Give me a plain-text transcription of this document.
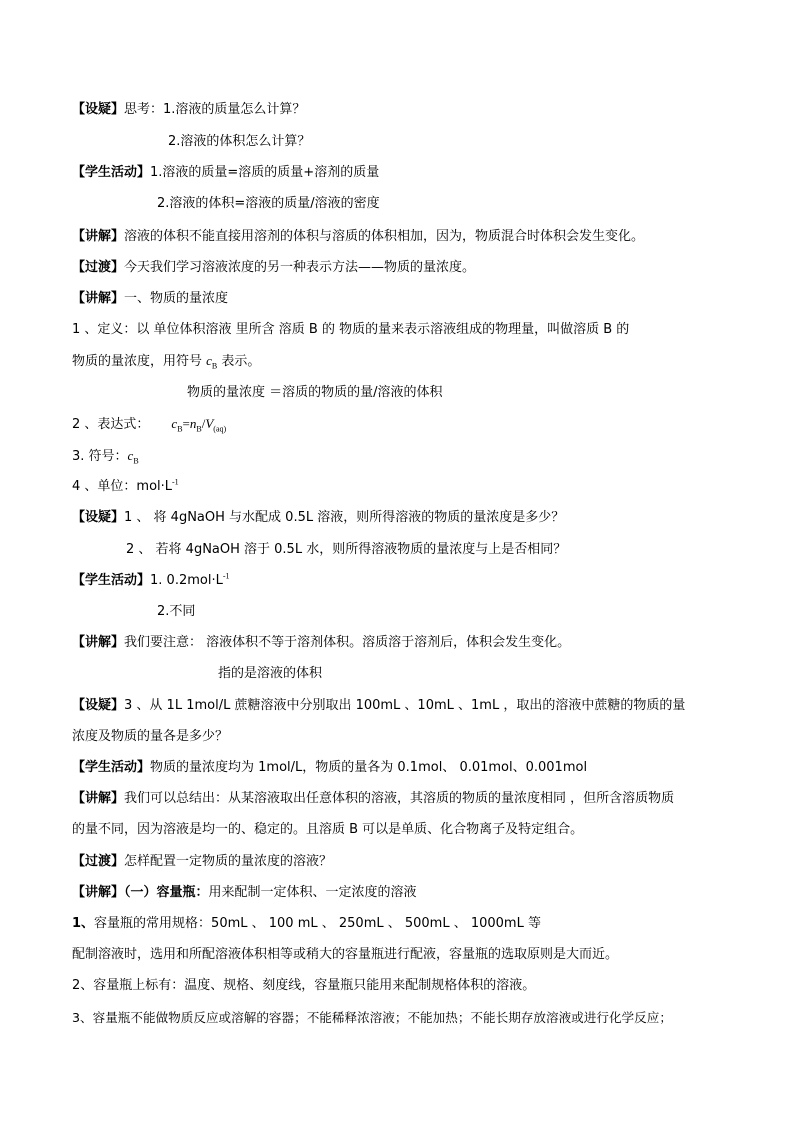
【设疑】思考：1.溶液的质量怎么计算？
2.溶液的体积怎么计算？
【学生活动】1.溶液的质量=溶质的质量+溶剂的质量
2.溶液的体积=溶液的质量/溶液的密度
【讲解】溶液的体积不能直接用溶剂的体积与溶质的体积相加，因为，物质混合时体积会发生变化。
【过渡】今天我们学习溶液浓度的另一种表示方法——物质的量浓度。
【讲解】一、物质的量浓度
1 、定义：以 单位体积溶液 里所含 溶质 B 的 物质的量来表示溶液组成的物理量，叫做溶质 B 的
物质的量浓度，用符号 $c_B$ 表示。
物质的量浓度 ＝溶质的物质的量/溶液的体积
2 、表达式： $c_B=n_B/V_{(aq)}$
3. 符号：$c_B$
4 、单位：$mol\cdot L^{-1}$
【设疑】1 、 将 4gNaOH 与水配成 0.5L 溶液，则所得溶液的物质的量浓度是多少？
2 、 若将 4gNaOH 溶于 0.5L 水，则所得溶液物质的量浓度与上是否相同？
【学生活动】1. $0.2mol\cdot L^{-1}$
2.不同
【讲解】我们要注意： 溶液体积不等于溶剂体积。溶质溶于溶剂后，体积会发生变化。
指的是溶液的体积
【设疑】3 、从 1L 1mol/L 蔗糖溶液中分别取出 100mL 、10mL 、1mL ，取出的溶液中蔗糖的物质的量
浓度及物质的量各是多少？
【学生活动】物质的量浓度均为 1mol/L，物质的量各为 0.1mol、 0.01mol、0.001mol
【讲解】我们可以总结出：从某溶液取出任意体积的溶液，其溶质的物质的量浓度相同 ，但所含溶质物质
的量不同，因为溶液是均一的、稳定的。且溶质 B 可以是单质、化合物离子及特定组合。
【过渡】怎样配置一定物质的量浓度的溶液？
【讲解】（一）容量瓶：用来配制一定体积、一定浓度的溶液
1、容量瓶的常用规格：50mL 、 100 mL 、 250mL 、 500mL 、 1000mL 等
配制溶液时，选用和所配溶液体积相等或稍大的容量瓶进行配液，容量瓶的选取原则是大而近。
2、容量瓶上标有：温度、规格、刻度线，容量瓶只能用来配制规格体积的溶液。
3、容量瓶不能做物质反应或溶解的容器；不能稀释浓溶液；不能加热；不能长期存放溶液或进行化学反应；
